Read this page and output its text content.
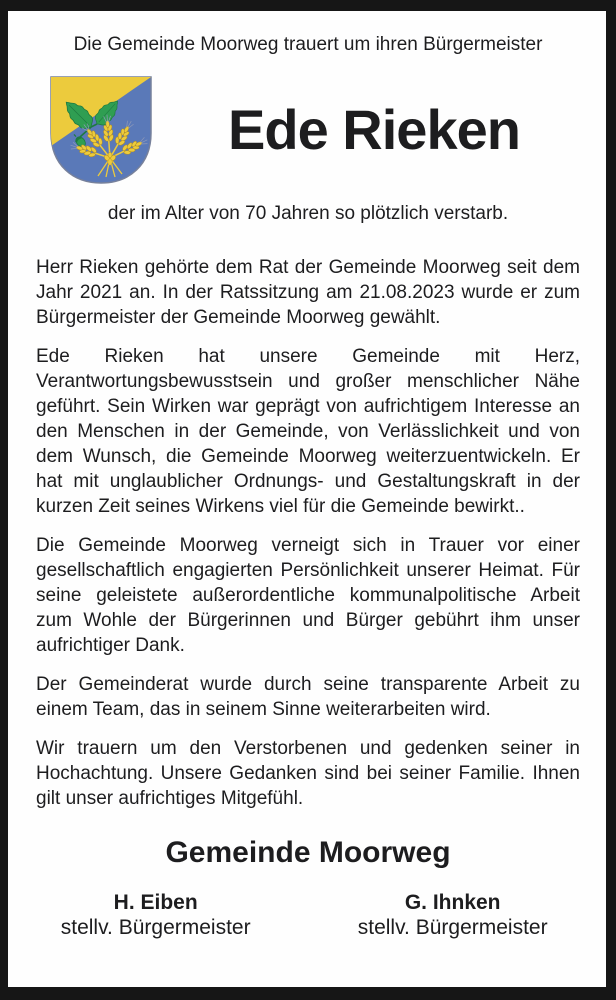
Die Gemeinde Moorweg trauert um ihren Bürgermeister
Ede Rieken
der im Alter von 70 Jahren so plötzlich verstarb.

Herr Rieken gehörte dem Rat der Gemeinde Moorweg seit dem Jahr 2021 an. In der Ratssitzung am 21.08.2023 wurde er zum Bürgermeister der Gemeinde Moorweg gewählt.

Ede Rieken hat unsere Gemeinde mit Herz, Verantwortungsbewusstsein und großer menschlicher Nähe geführt. Sein Wirken war geprägt von aufrichtigem Interesse an den Menschen in der Gemeinde, von Verlässlichkeit und von dem Wunsch, die Gemeinde Moorweg weiterzuentwickeln. Er hat mit unglaublicher Ordnungs- und Gestaltungskraft in der kurzen Zeit seines Wirkens viel für die Gemeinde bewirkt..

Die Gemeinde Moorweg verneigt sich in Trauer vor einer gesellschaftlich engagierten Persönlichkeit unserer Heimat. Für seine geleistete außerordentliche kommunalpolitische Arbeit zum Wohle der Bürgerinnen und Bürger gebührt ihm unser aufrichtiger Dank.

Der Gemeinderat wurde durch seine transparente Arbeit zu einem Team, das in seinem Sinne weiterarbeiten wird.

Wir trauern um den Verstorbenen und gedenken seiner in Hochachtung. Unsere Gedanken sind bei seiner Familie. Ihnen gilt unser aufrichtiges Mitgefühl.

Gemeinde Moorweg
H. Eiben
stellv. Bürgermeister
G. Ihnken
stellv. Bürgermeister
